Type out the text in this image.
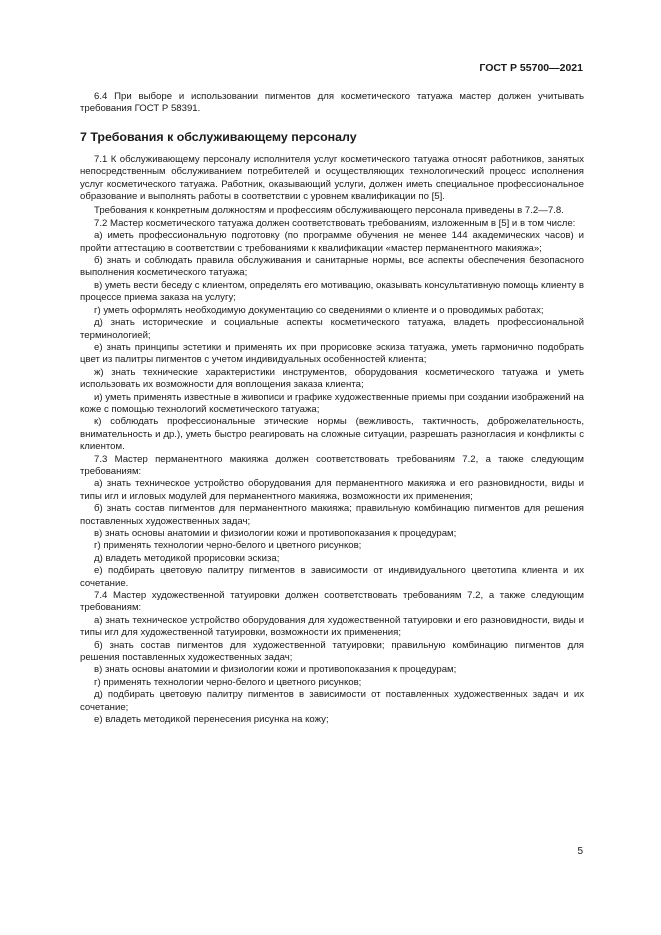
ГОСТ Р 55700—2021

6.4 При выборе и использовании пигментов для косметического татуажа мастер должен учитывать требования ГОСТ Р 58391.

7 Требования к обслуживающему персоналу

7.1 К обслуживающему персоналу исполнителя услуг косметического татуажа относят работников, занятых непосредственным обслуживанием потребителей и осуществляющих технологический процесс исполнения услуг косметического татуажа. Работник, оказывающий услуги, должен иметь специальное профессиональное образование и выполнять работы в соответствии с уровнем квалификации по [5].

Требования к конкретным должностям и профессиям обслуживающего персонала приведены в 7.2—7.8.

7.2 Мастер косметического татуажа должен соответствовать требованиям, изложенным в [5] и в том числе:

а) иметь профессиональную подготовку (по программе обучения не менее 144 академических часов) и пройти аттестацию в соответствии с требованиями к квалификации «мастер перманентного макияжа»;

б) знать и соблюдать правила обслуживания и санитарные нормы, все аспекты обеспечения безопасного выполнения косметического татуажа;

в) уметь вести беседу с клиентом, определять его мотивацию, оказывать консультативную помощь клиенту в процессе приема заказа на услугу;

г) уметь оформлять необходимую документацию со сведениями о клиенте и о проводимых работах;

д) знать исторические и социальные аспекты косметического татуажа, владеть профессиональной терминологией;

е) знать принципы эстетики и применять их при прорисовке эскиза татуажа, уметь гармонично подобрать цвет из палитры пигментов с учетом индивидуальных особенностей клиента;

ж) знать технические характеристики инструментов, оборудования косметического татуажа и уметь использовать их возможности для воплощения заказа клиента;

и) уметь применять известные в живописи и графике художественные приемы при создании изображений на коже с помощью технологий косметического татуажа;

к) соблюдать профессиональные этические нормы (вежливость, тактичность, доброжелательность, внимательность и др.), уметь быстро реагировать на сложные ситуации, разрешать разногласия и конфликты с клиентом.

7.3 Мастер перманентного макияжа должен соответствовать требованиям 7.2, а также следующим требованиям:

а) знать техническое устройство оборудования для перманентного макияжа и его разновидности, виды и типы игл и игловых модулей для перманентного макияжа, возможности их применения;

б) знать состав пигментов для перманентного макияжа; правильную комбинацию пигментов для решения поставленных художественных задач;

в) знать основы анатомии и физиологии кожи и противопоказания к процедурам;

г) применять технологии черно-белого и цветного рисунков;

д) владеть методикой прорисовки эскиза;

е) подбирать цветовую палитру пигментов в зависимости от индивидуального цветотипа клиента и их сочетание.

7.4 Мастер художественной татуировки должен соответствовать требованиям 7.2, а также следующим требованиям:

а) знать техническое устройство оборудования для художественной татуировки и его разновидности, виды и типы игл для художественной татуировки, возможности их применения;

б) знать состав пигментов для художественной татуировки; правильную комбинацию пигментов для решения поставленных художественных задач;

в) знать основы анатомии и физиологии кожи и противопоказания к процедурам;

г) применять технологии черно-белого и цветного рисунков;

д) подбирать цветовую палитру пигментов в зависимости от поставленных художественных задач и их сочетание;

е) владеть методикой перенесения рисунка на кожу;

5
